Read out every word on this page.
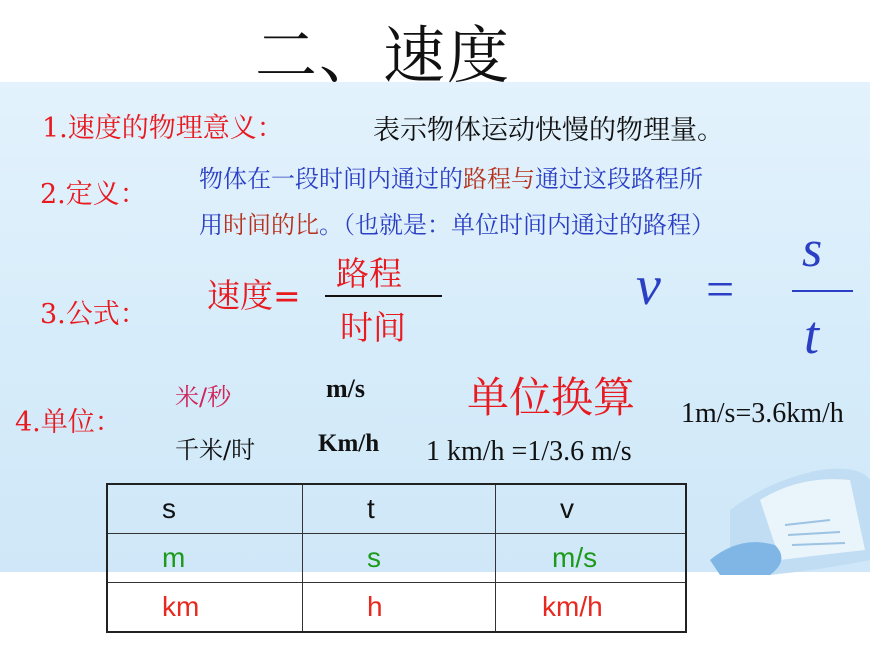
二、速度
1.速度的物理意义：	表示物体运动快慢的物理量。
2.定义： 物体在一段时间内通过的路程与通过这段路程所
用时间的比。（也就是：单位时间内通过的路程）
3.公式： 速度=
路程
时间
v =
s
t
4.单位：
米/秒	m/s
千米/时	Km/h
单位换算 1m/s=3.6km/h
1 km/h =1/3.6 m/s
s	t	v
m	s	m/s
km	h	km/h
